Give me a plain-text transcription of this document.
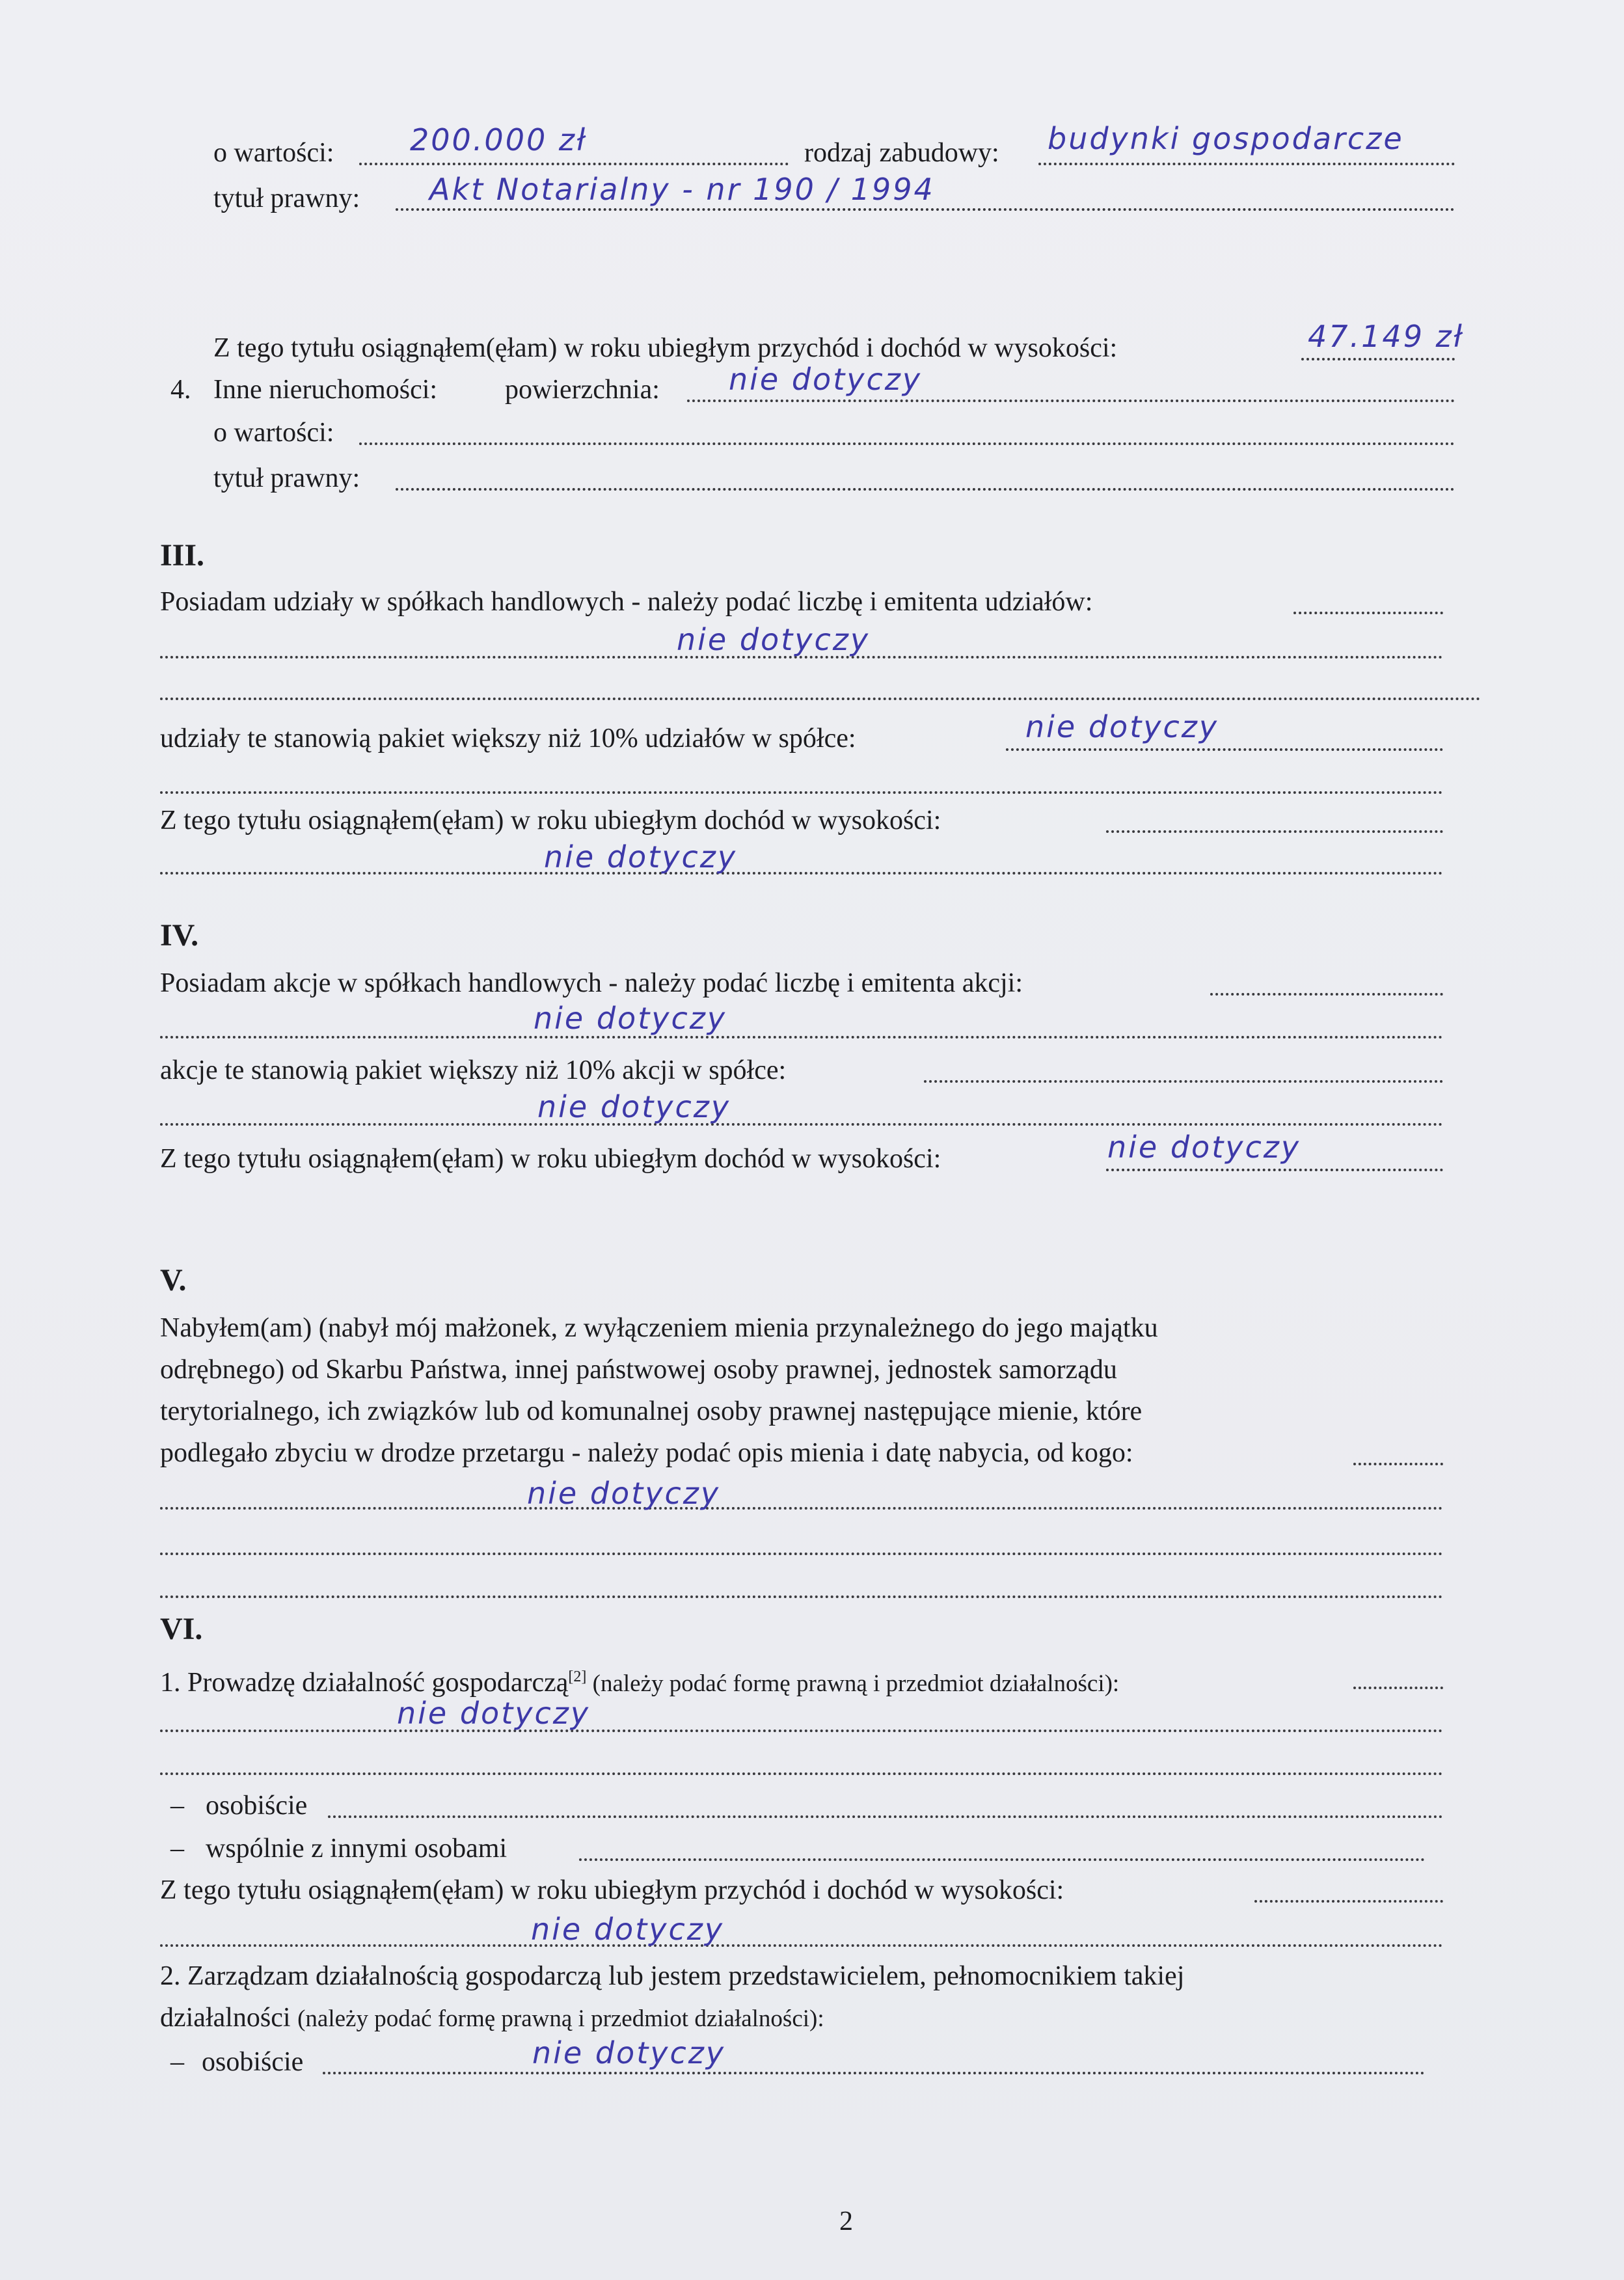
o wartości:	200.000 zł	rodzaj zabudowy: budynki gospodarcze
tytuł prawny: Akt Notarialny - nr 190 / 1994
Z tego tytułu osiągnąłem(ęłam) w roku ubiegłym przychód i dochód w wysokości:	47.149 zł
4. Inne nieruchomości: powierzchnia: nie dotyczy
o wartości:
tytuł prawny:
III.
Posiadam udziały w spółkach handlowych - należy podać liczbę i emitenta udziałów:
nie dotyczy
udziały te stanowią pakiet większy niż 10% udziałów w spółce:	nie dotyczy
Z tego tytułu osiągnąłem(ęłam) w roku ubiegłym dochód w wysokości:
nie dotyczy
IV.
Posiadam akcje w spółkach handlowych - należy podać liczbę i emitenta akcji:
nie dotyczy
akcje te stanowią pakiet większy niż 10% akcji w spółce:
nie dotyczy
Z tego tytułu osiągnąłem(ęłam) w roku ubiegłym dochód w wysokości:	nie dotyczy
V.
Nabyłem(am) (nabył mój małżonek, z wyłączeniem mienia przynależnego do jego majątku
odrębnego) od Skarbu Państwa, innej państwowej osoby prawnej, jednostek samorządu
terytorialnego, ich związków lub od komunalnej osoby prawnej następujące mienie, które
podlegało zbyciu w drodze przetargu - należy podać opis mienia i datę nabycia, od kogo:
nie dotyczy
VI.
1. Prowadzę działalność gospodarczą[2] (należy podać formę prawną i przedmiot działalności):
nie dotyczy
– osobiście
– wspólnie z innymi osobami
Z tego tytułu osiągnąłem(ęłam) w roku ubiegłym przychód i dochód w wysokości:
nie dotyczy
2. Zarządzam działalnością gospodarczą lub jestem przedstawicielem, pełnomocnikiem takiej
działalności (należy podać formę prawną i przedmiot działalności):
– osobiście	nie dotyczy
2
